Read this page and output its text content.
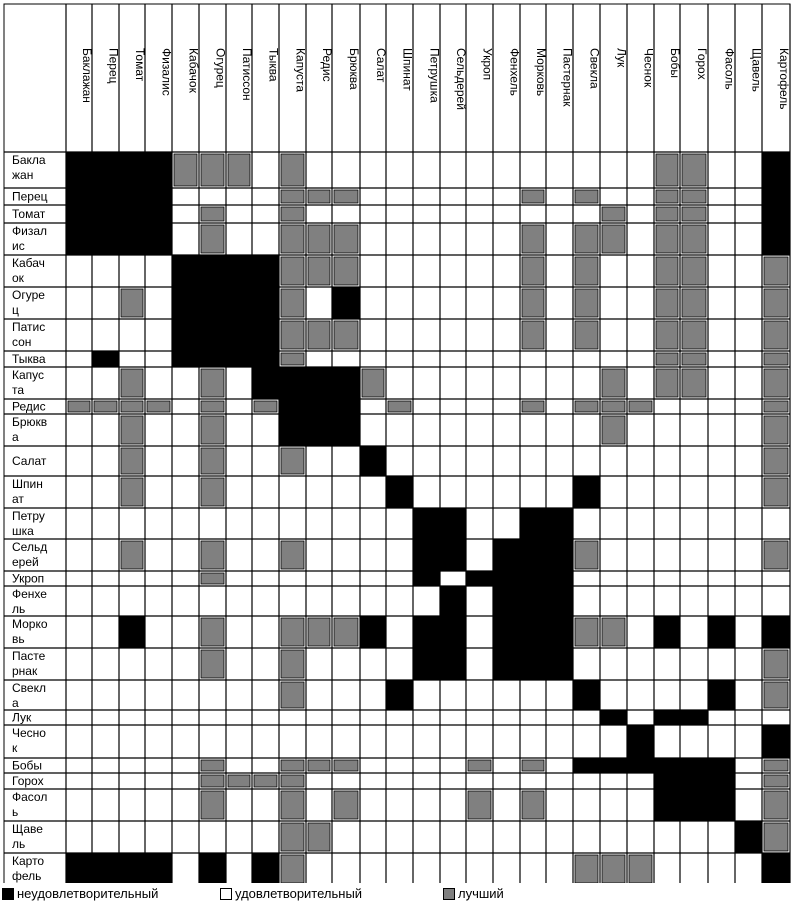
Баклажан Перец Томат Физалис Кабачок Огурец Патиссон Тыква Капуста Редис Брюква Салат Шпинат Петрушка Сельдерей Укроп Фенхель Морковь Пастернак Свекла Лук Чеснок Бобы Горох Фасоль Щавель Картофель
Бакла жан
Перец
Томат
Физал ис
Кабач ок
Огуре ц
Патис сон
Тыква
Капус та
Редис
Брюкв а
Салат
Шпин ат
Петру шка
Сельд ерей
Укроп
Фенхе ль
Морко вь
Пасте рнак
Свекл а
Лук
Чесно к
Бобы
Горох
Фасол ь
Щаве ль
Карто фель
неудовлетворительный	удовлетворительный	лучший
